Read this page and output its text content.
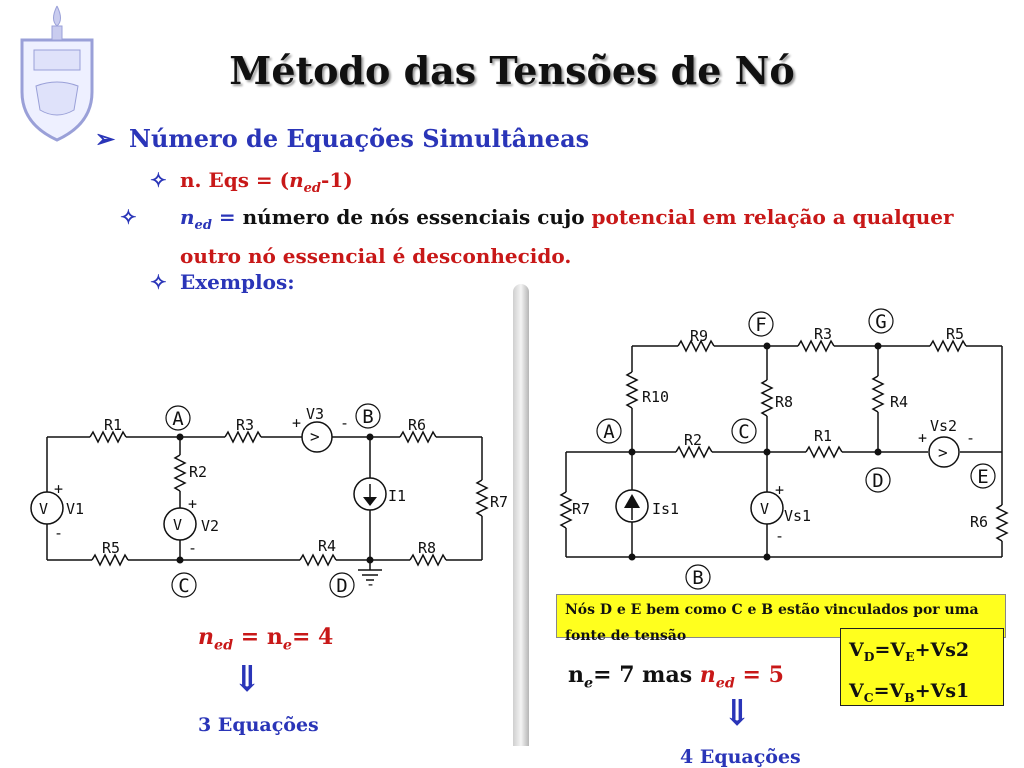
Método das Tensões de Nó
➢ Número de Equações Simultâneas
✧ n. Eqs = $(n_{ed}-1)$
✧ $n_{ed}$ = número de nós essenciais cujo potencial em relação a qualquer outro nó essencial é desconhecido.
✧ Exemplos:
V
V V1
V2
V3
I1
>
+
-
+
-
+	-
R1
R2
R3
R4
R5
R6
R7
R8
-
A	B
C	D
V
>
Vs1
Vs2
Is1
+
-
+	-
R1
R2
R3
R4
R5
R6
R7
R8
R9
R10
A
B
C
D	E
F	G
$n_{ed} = n_e= 4$
⇓
3 Equações
Nós D e E bem como C e B estão vinculados por uma fonte de tensão
$V_D=V_E+Vs2$
$V_C=V_B+Vs1$
$n_e= 7$ mas $n_{ed} = 5$
⇓
4 Equações
